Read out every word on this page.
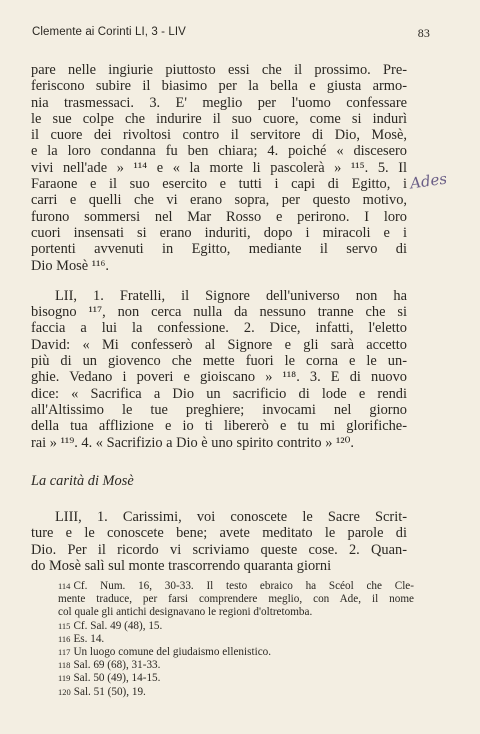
Clemente ai Corinti LI, 3 - LIV	83
Ades
pare nelle ingiurie piuttosto essi che il prossimo. Pre-
feriscono subire il biasimo per la bella e giusta armo-
nia trasmessaci. 3. E' meglio per l'uomo confessare
le sue colpe che indurire il suo cuore, come si indurì
il cuore dei rivoltosi contro il servitore di Dio, Mosè,
e la loro condanna fu ben chiara; 4. poiché « discesero
vivi nell'ade » ¹¹⁴ e « la morte li pascolerà » ¹¹⁵. 5. Il
Faraone e il suo esercito e tutti i capi di Egitto, i
carri e quelli che vi erano sopra, per questo motivo,
furono sommersi nel Mar Rosso e perirono. I loro
cuori insensati si erano induriti, dopo i miracoli e i
portenti avvenuti in Egitto, mediante il servo di
Dio Mosè ¹¹⁶.
LII, 1. Fratelli, il Signore dell'universo non ha
bisogno ¹¹⁷, non cerca nulla da nessuno tranne che si
faccia a lui la confessione. 2. Dice, infatti, l'eletto
David: « Mi confesserò al Signore e gli sarà accetto
più di un giovenco che mette fuori le corna e le un-
ghie. Vedano i poveri e gioiscano » ¹¹⁸. 3. E di nuovo
dice: « Sacrifica a Dio un sacrificio di lode e rendi
all'Altissimo le tue preghiere; invocami nel giorno
della tua afflizione e io ti libererò e tu mi glorifiche-
rai » ¹¹⁹. 4. « Sacrifizio a Dio è uno spirito contrito » ¹²⁰.

La carità di Mosè

LIII, 1. Carissimi, voi conoscete le Sacre Scrit-
ture e le conoscete bene; avete meditato le parole di
Dio. Per il ricordo vi scriviamo queste cose. 2. Quan-
do Mosè salì sul monte trascorrendo quaranta giorni
114 Cf. Num. 16, 30-33. Il testo ebraico ha Scéol che Cle-
mente traduce, per farsi comprendere meglio, con Ade, il nome
col quale gli antichi designavano le regioni d'oltretomba.
115 Cf. Sal. 49 (48), 15.
116 Es. 14.
117 Un luogo comune del giudaismo ellenistico.
118 Sal. 69 (68), 31-33.
119 Sal. 50 (49), 14-15.
120 Sal. 51 (50), 19.
